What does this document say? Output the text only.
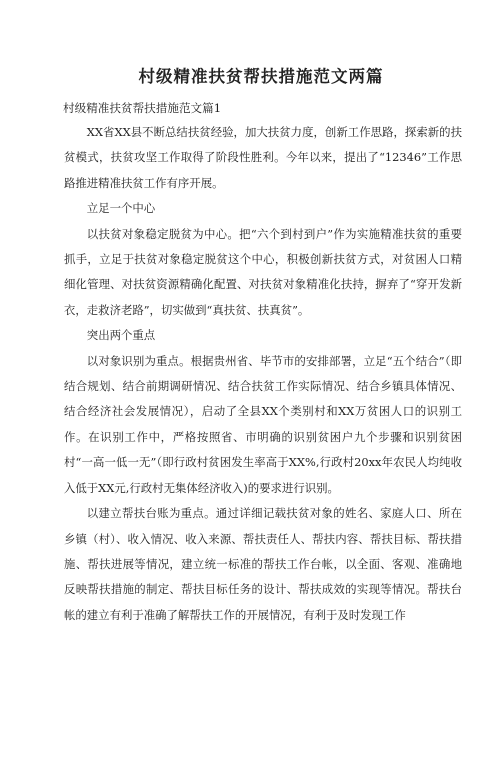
村级精准扶贫帮扶措施范文两篇
村级精准扶贫帮扶措施范文篇1

XX省XX县不断总结扶贫经验，加大扶贫力度，创新工作思路，探索新的扶贫模式，扶贫攻坚工作取得了阶段性胜利。今年以来，提出了“12346”工作思路推进精准扶贫工作有序开展。

立足一个中心

以扶贫对象稳定脱贫为中心。把“六个到村到户”作为实施精准扶贫的重要抓手，立足于扶贫对象稳定脱贫这个中心，积极创新扶贫方式，对贫困人口精细化管理、对扶贫资源精确化配置、对扶贫对象精准化扶持，摒弃了“穿开发新衣，走救济老路”，切实做到“真扶贫、扶真贫”。

突出两个重点

以对象识别为重点。根据贵州省、毕节市的安排部署，立足“五个结合”（即结合规划、结合前期调研情况、结合扶贫工作实际情况、结合乡镇具体情况、结合经济社会发展情况），启动了全县XX个类别村和XX万贫困人口的识别工作。在识别工作中，严格按照省、市明确的识别贫困户九个步骤和识别贫困村“一高一低一无”（即行政村贫困发生率高于XX%,行政村20xx年农民人均纯收入低于XX元,行政村无集体经济收入)的要求进行识别。

以建立帮扶台账为重点。通过详细记载扶贫对象的姓名、家庭人口、所在乡镇（村）、收入情况、收入来源、帮扶责任人、帮扶内容、帮扶目标、帮扶措施、帮扶进展等情况，建立统一标准的帮扶工作台帐，以全面、客观、准确地反映帮扶措施的制定、帮扶目标任务的设计、帮扶成效的实现等情况。帮扶台帐的建立有利于准确了解帮扶工作的开展情况，有利于及时发现工作
